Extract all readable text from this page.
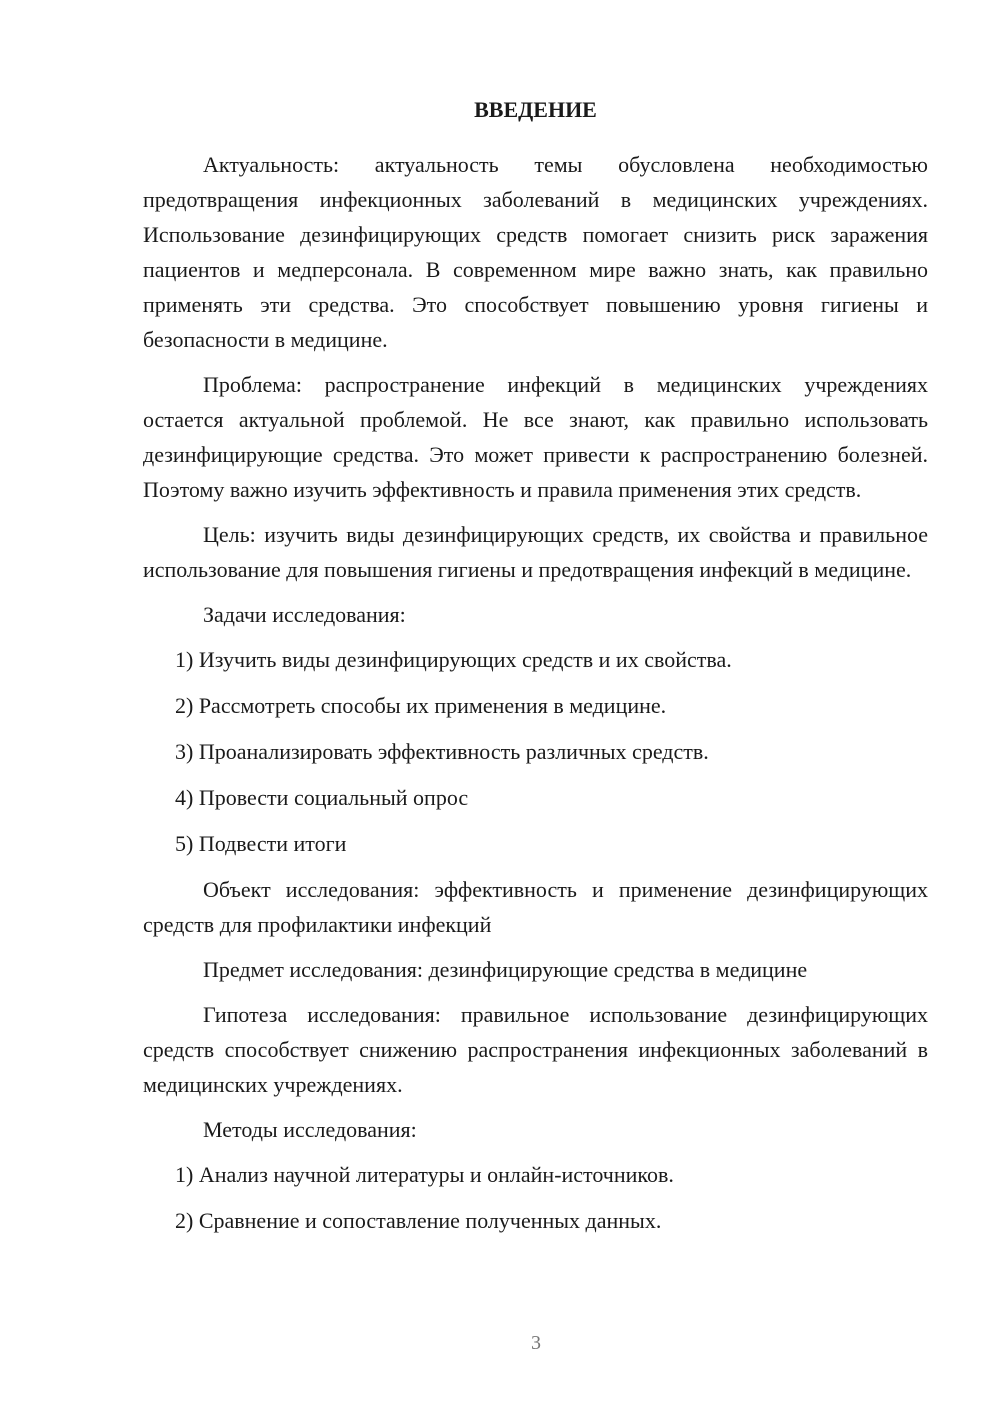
ВВЕДЕНИЕ

Актуальность: актуальность темы обусловлена необходимостью предотвращения инфекционных заболеваний в медицинских учреждениях. Использование дезинфицирующих средств помогает снизить риск заражения пациентов и медперсонала. В современном мире важно знать, как правильно применять эти средства. Это способствует повышению уровня гигиены и безопасности в медицине.

Проблема: распространение инфекций в медицинских учреждениях остается актуальной проблемой. Не все знают, как правильно использовать дезинфицирующие средства. Это может привести к распространению болезней. Поэтому важно изучить эффективность и правила применения этих средств.

Цель: изучить виды дезинфицирующих средств, их свойства и правильное использование для повышения гигиены и предотвращения инфекций в медицине.

Задачи исследования:

1) Изучить виды дезинфицирующих средств и их свойства.

2) Рассмотреть способы их применения в медицине.

3) Проанализировать эффективность различных средств.

4) Провести социальный опрос

5) Подвести итоги

Объект исследования: эффективность и применение дезинфицирующих средств для профилактики инфекций

Предмет исследования: дезинфицирующие средства в медицине

Гипотеза исследования: правильное использование дезинфицирующих средств способствует снижению распространения инфекционных заболеваний в медицинских учреждениях.

Методы исследования:

1) Анализ научной литературы и онлайн-источников.

2) Сравнение и сопоставление полученных данных.

3
